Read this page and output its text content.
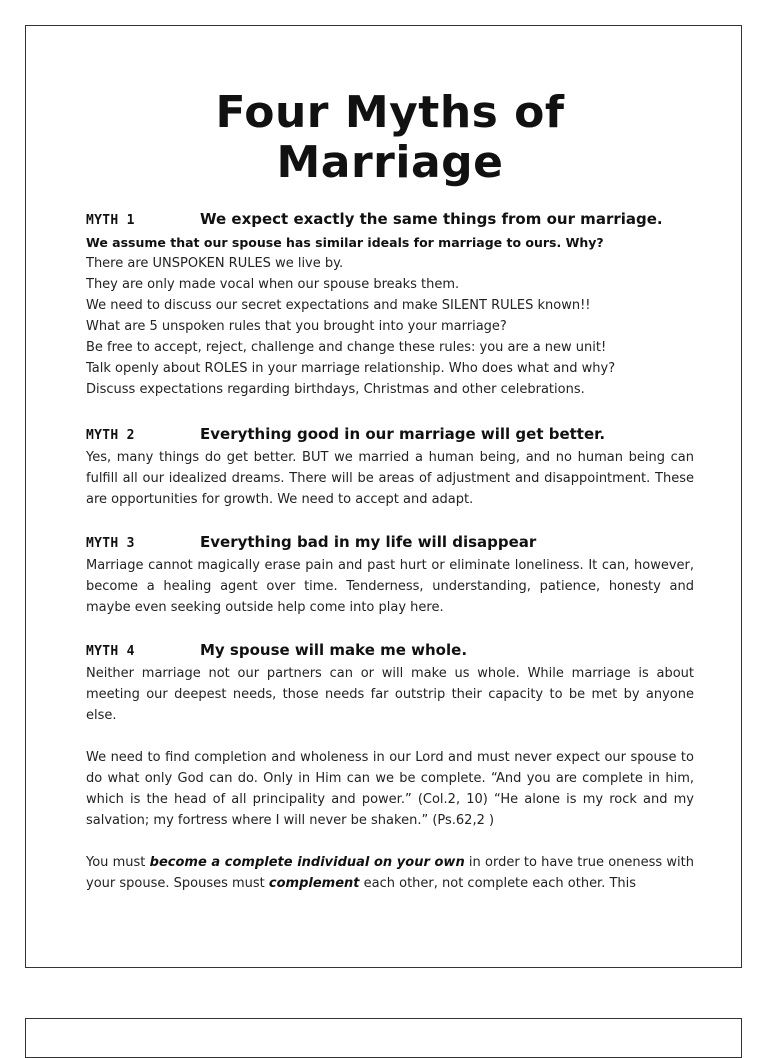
Four Myths of
Marriage
MYTH 1	We expect exactly the same things from our marriage.
We assume that our spouse has similar ideals for marriage to ours. Why?
There are UNSPOKEN RULES we live by.
They are only made vocal when our spouse breaks them.
We need to discuss our secret expectations and make SILENT RULES known!!
What are 5 unspoken rules that you brought into your marriage?
Be free to accept, reject, challenge and change these rules: you are a new unit!
Talk openly about ROLES in your marriage relationship. Who does what and why?
Discuss expectations regarding birthdays, Christmas and other celebrations.
MYTH 2	Everything good in our marriage will get better.
Yes, many things do get better. BUT we married a human being, and no human being can fulfill all our idealized dreams. There will be areas of adjustment and disappointment. These are opportunities for growth. We need to accept and adapt.
MYTH 3	Everything bad in my life will disappear
Marriage cannot magically erase pain and past hurt or eliminate loneliness. It can, however, become a healing agent over time. Tenderness, understanding, patience, honesty and maybe even seeking outside help come into play here.
MYTH 4	My spouse will make me whole.
Neither marriage not our partners can or will make us whole. While marriage is about meeting our deepest needs, those needs far outstrip their capacity to be met by anyone else.
We need to find completion and wholeness in our Lord and must never expect our spouse to do what only God can do. Only in Him can we be complete. “And you are complete in him, which is the head of all principality and power.” (Col.2, 10) “He alone is my rock and my salvation; my fortress where I will never be shaken.” (Ps.62,2 )
You must become a complete individual on your own in order to have true oneness with your spouse. Spouses must complement each other, not complete each other. This
